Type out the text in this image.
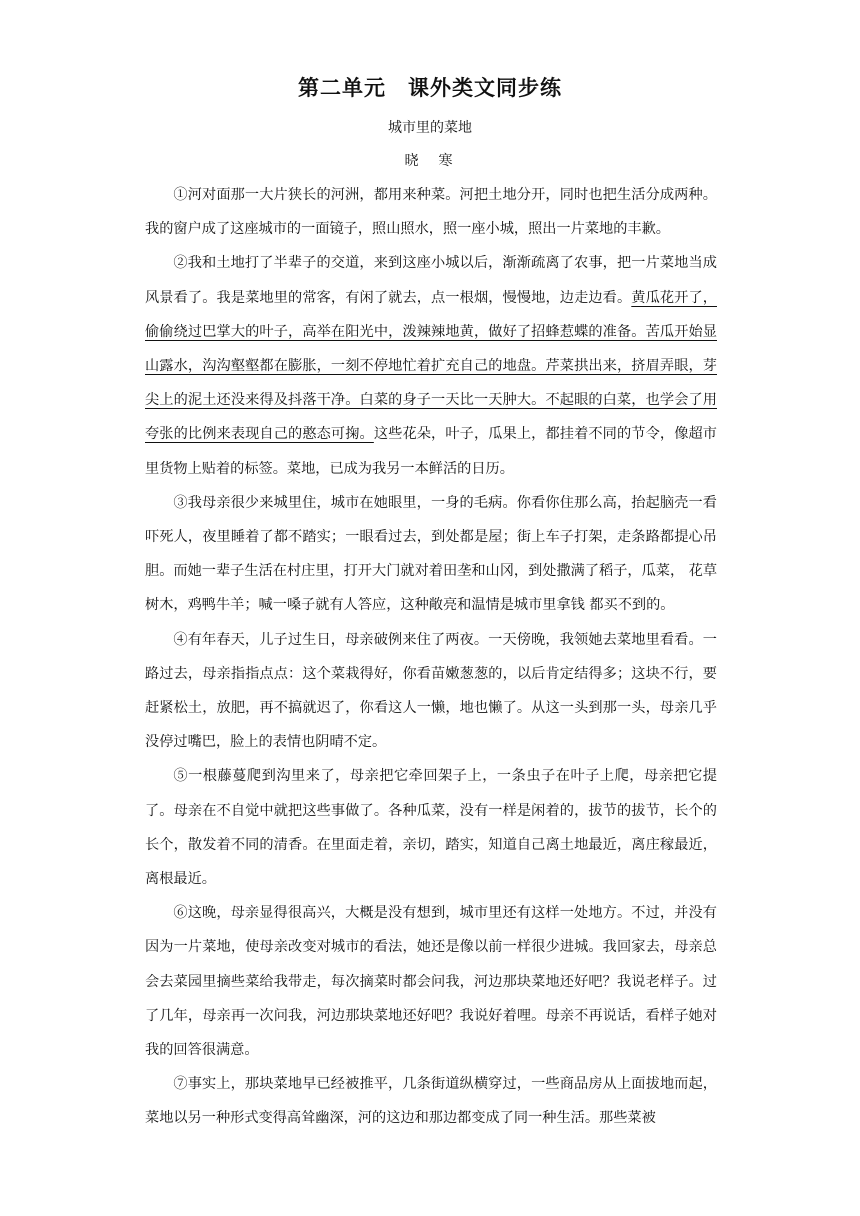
第二单元　课外类文同步练
城市里的菜地
晓　寒

①河对面那一大片狭长的河洲，都用来种菜。河把土地分开，同时也把生活分成两种。我的窗户成了这座城市的一面镜子，照山照水，照一座小城，照出一片菜地的丰歉。

②我和土地打了半辈子的交道，来到这座小城以后，渐渐疏离了农事，把一片菜地当成风景看了。我是菜地里的常客，有闲了就去，点一根烟，慢慢地，边走边看。黄瓜花开了，偷偷绕过巴掌大的叶子，高举在阳光中，泼辣辣地黄，做好了招蜂惹蝶的准备。苦瓜开始显山露水，沟沟壑壑都在膨胀，一刻不停地忙着扩充自己的地盘。芹菜拱出来，挤眉弄眼，芽尖上的泥土还没来得及抖落干净。白菜的身子一天比一天肿大。不起眼的白菜，也学会了用夸张的比例来表现自己的憨态可掬。这些花朵，叶子，瓜果上，都挂着不同的节令，像超市里货物上贴着的标签。菜地，已成为我另一本鲜活的日历。

③我母亲很少来城里住，城市在她眼里，一身的毛病。你看你住那么高，抬起脑壳一看吓死人，夜里睡着了都不踏实；一眼看过去，到处都是屋；街上车子打架，走条路都提心吊胆。而她一辈子生活在村庄里，打开大门就对着田垄和山冈，到处撒满了稻子，瓜菜， 花草树木，鸡鸭牛羊；喊一嗓子就有人答应，这种敞亮和温情是城市里拿钱 都买不到的。

④有年春天，儿子过生日，母亲破例来住了两夜。一天傍晚，我领她去菜地里看看。一路过去，母亲指指点点：这个菜栽得好，你看苗嫩葱葱的，以后肯定结得多；这块不行，要赶紧松土，放肥，再不搞就迟了，你看这人一懒，地也懒了。从这一头到那一头，母亲几乎没停过嘴巴，脸上的表情也阴晴不定。

⑤一根藤蔓爬到沟里来了，母亲把它牵回架子上，一条虫子在叶子上爬，母亲把它提了。母亲在不自觉中就把这些事做了。各种瓜菜，没有一样是闲着的，拔节的拔节，长个的长个，散发着不同的清香。在里面走着，亲切，踏实，知道自己离土地最近，离庄稼最近，离根最近。

⑥这晚，母亲显得很高兴，大概是没有想到，城市里还有这样一处地方。不过，并没有因为一片菜地，使母亲改变对城市的看法，她还是像以前一样很少进城。我回家去，母亲总会去菜园里摘些菜给我带走，每次摘菜时都会问我，河边那块菜地还好吧？我说老样子。过了几年，母亲再一次问我，河边那块菜地还好吧？我说好着哩。母亲不再说话，看样子她对我的回答很满意。

⑦事实上，那块菜地早已经被推平，几条街道纵横穿过，一些商品房从上面拔地而起，菜地以另一种形式变得高耸幽深，河的这边和那边都变成了同一种生活。那些菜被
